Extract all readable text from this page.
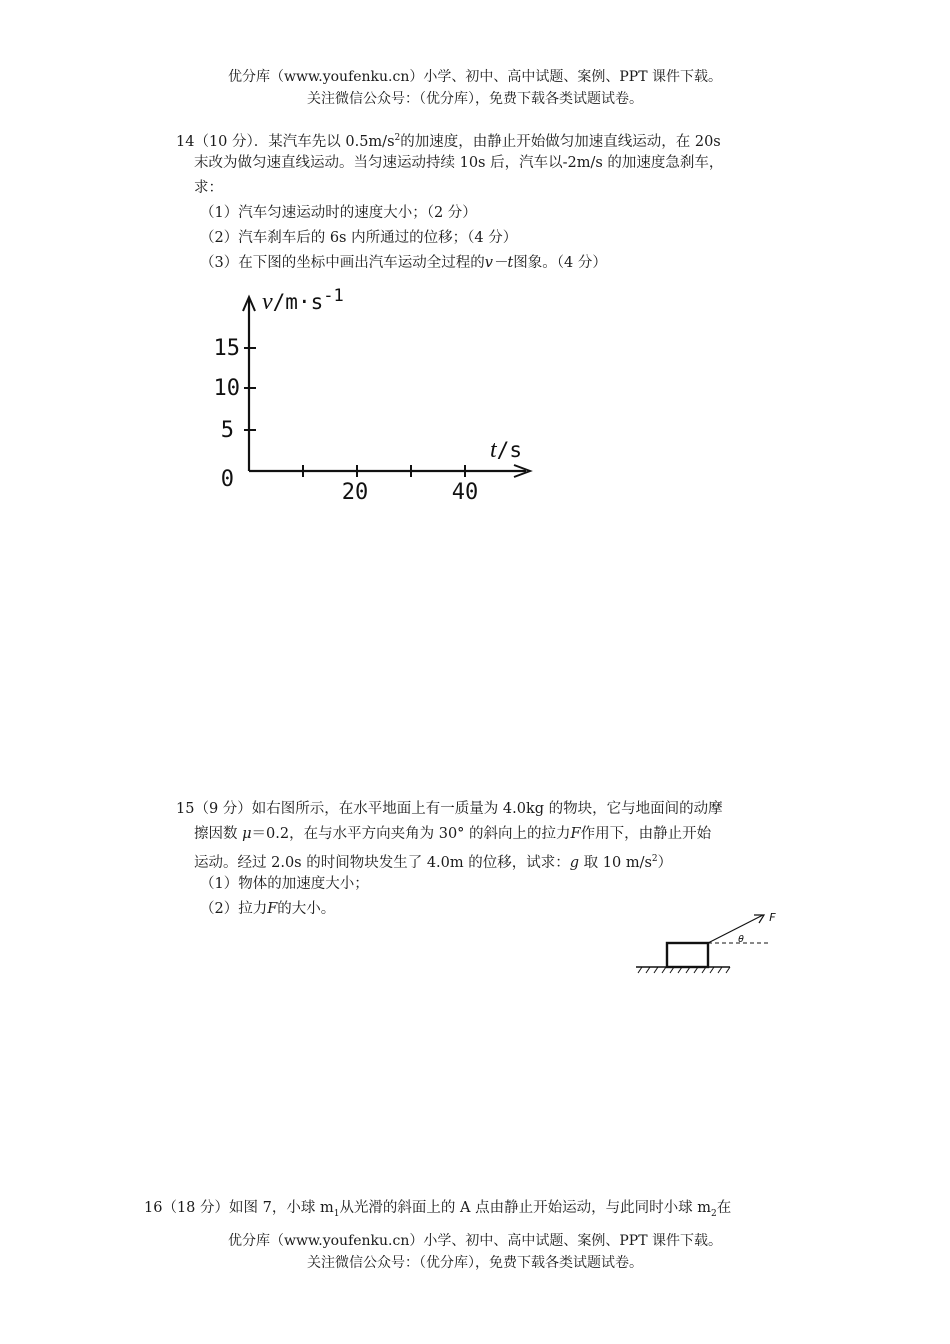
优分库（www.youfenku.cn）小学、初中、高中试题、案例、PPT 课件下载。
关注微信公众号：（优分库），免费下载各类试题试卷。
14（10 分）．某汽车先以 $0.5m/s^2$的加速度，由静止开始做匀加速直线运动，在 20s
末改为做匀速直线运动。当匀速运动持续 10s 后，汽车以-2m/s 的加速度急刹车，
求：
（1）汽车匀速运动时的速度大小；（2 分）
（2）汽车刹车后的 6s 内所通过的位移；（4 分）
（3）在下图的坐标中画出汽车运动全过程的v－t图象。（4 分）
15
10
5
0
20	40
$v/m\cdot s^{-1}$
t/s
15（9 分）如右图所示，在水平地面上有一质量为 4.0kg 的物块，它与地面间的动摩
擦因数 μ＝0.2，在与水平方向夹角为 30° 的斜向上的拉力F作用下，由静止开始
运动。经过 2.0s 的时间物块发生了 4.0m 的位移，试求：g 取 10 $m/s^2$）
（1）物体的加速度大小；
（2）拉力F的大小。
F
θ
16（18 分）如图 7，小球 $m_1$从光滑的斜面上的 A 点由静止开始运动，与此同时小球 $m_2$在
优分库（www.youfenku.cn）小学、初中、高中试题、案例、PPT 课件下载。
关注微信公众号：（优分库），免费下载各类试题试卷。
